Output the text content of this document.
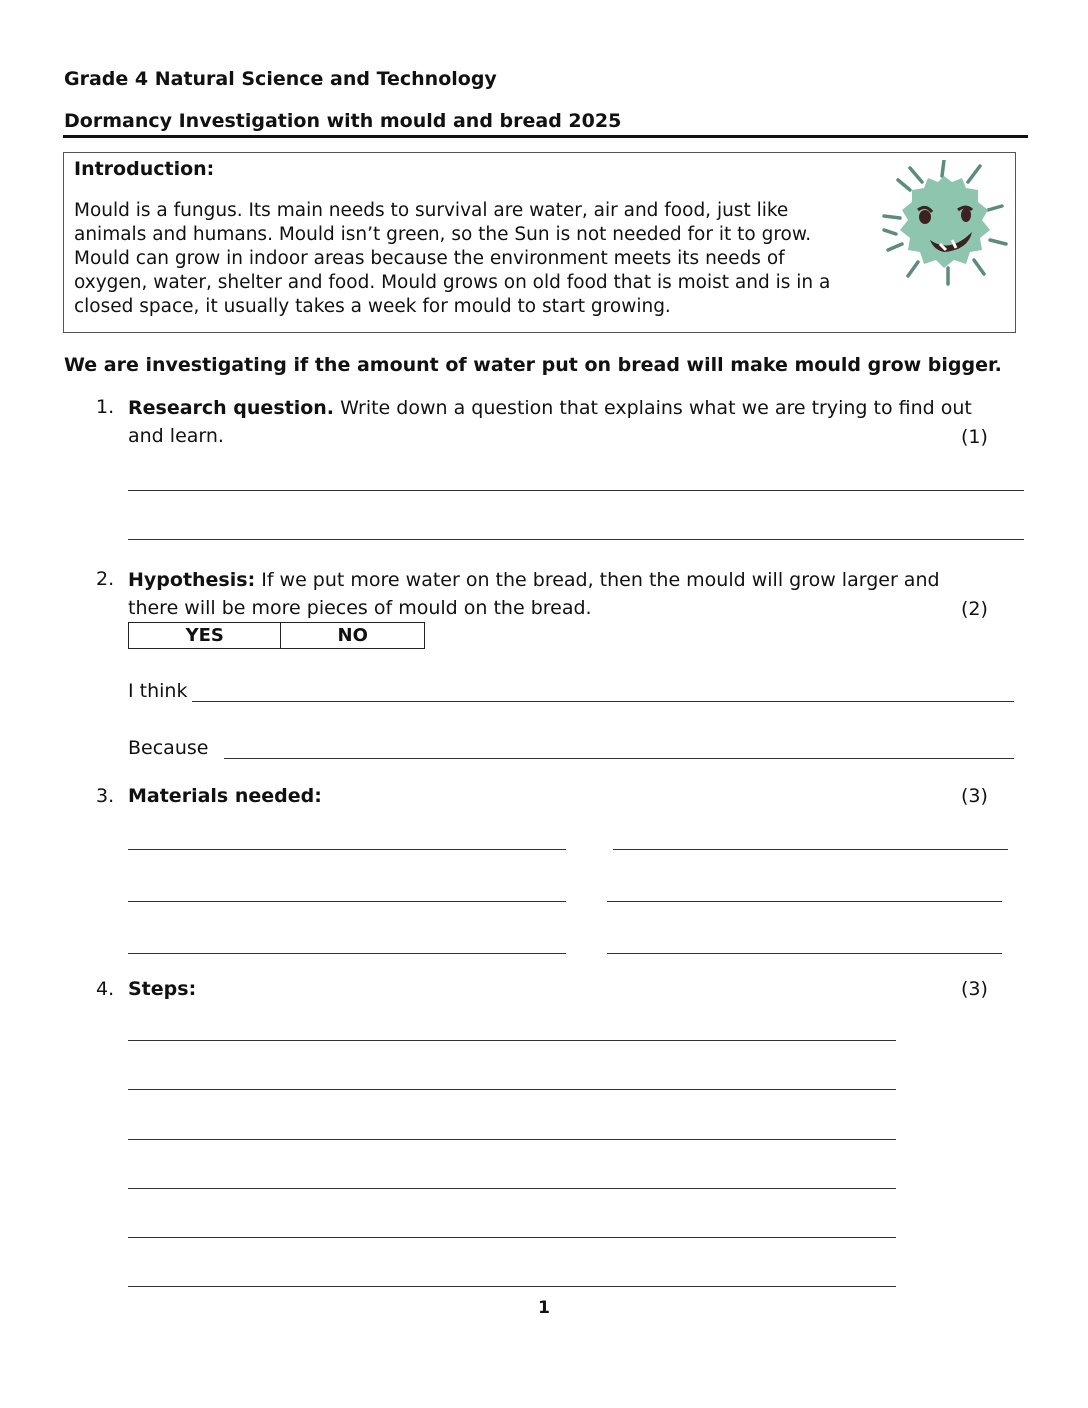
Grade 4 Natural Science and Technology
Dormancy Investigation with mould and bread 2025
Introduction:
Mould is a fungus. Its main needs to survival are water, air and food, just like
animals and humans. Mould isn’t green, so the Sun is not needed for it to grow.
Mould can grow in indoor areas because the environment meets its needs of
oxygen, water, shelter and food. Mould grows on old food that is moist and is in a
closed space, it usually takes a week for mould to start growing.
We are investigating if the amount of water put on bread will make mould grow bigger.
1. Research question. Write down a question that explains what we are trying to find out
and learn.	(1)
2. Hypothesis: If we put more water on the bread, then the mould will grow larger and
there will be more pieces of mould on the bread.	(2)
YES	NO
I think
Because
3. Materials needed:	(3)
4. Steps:	(3)
1
